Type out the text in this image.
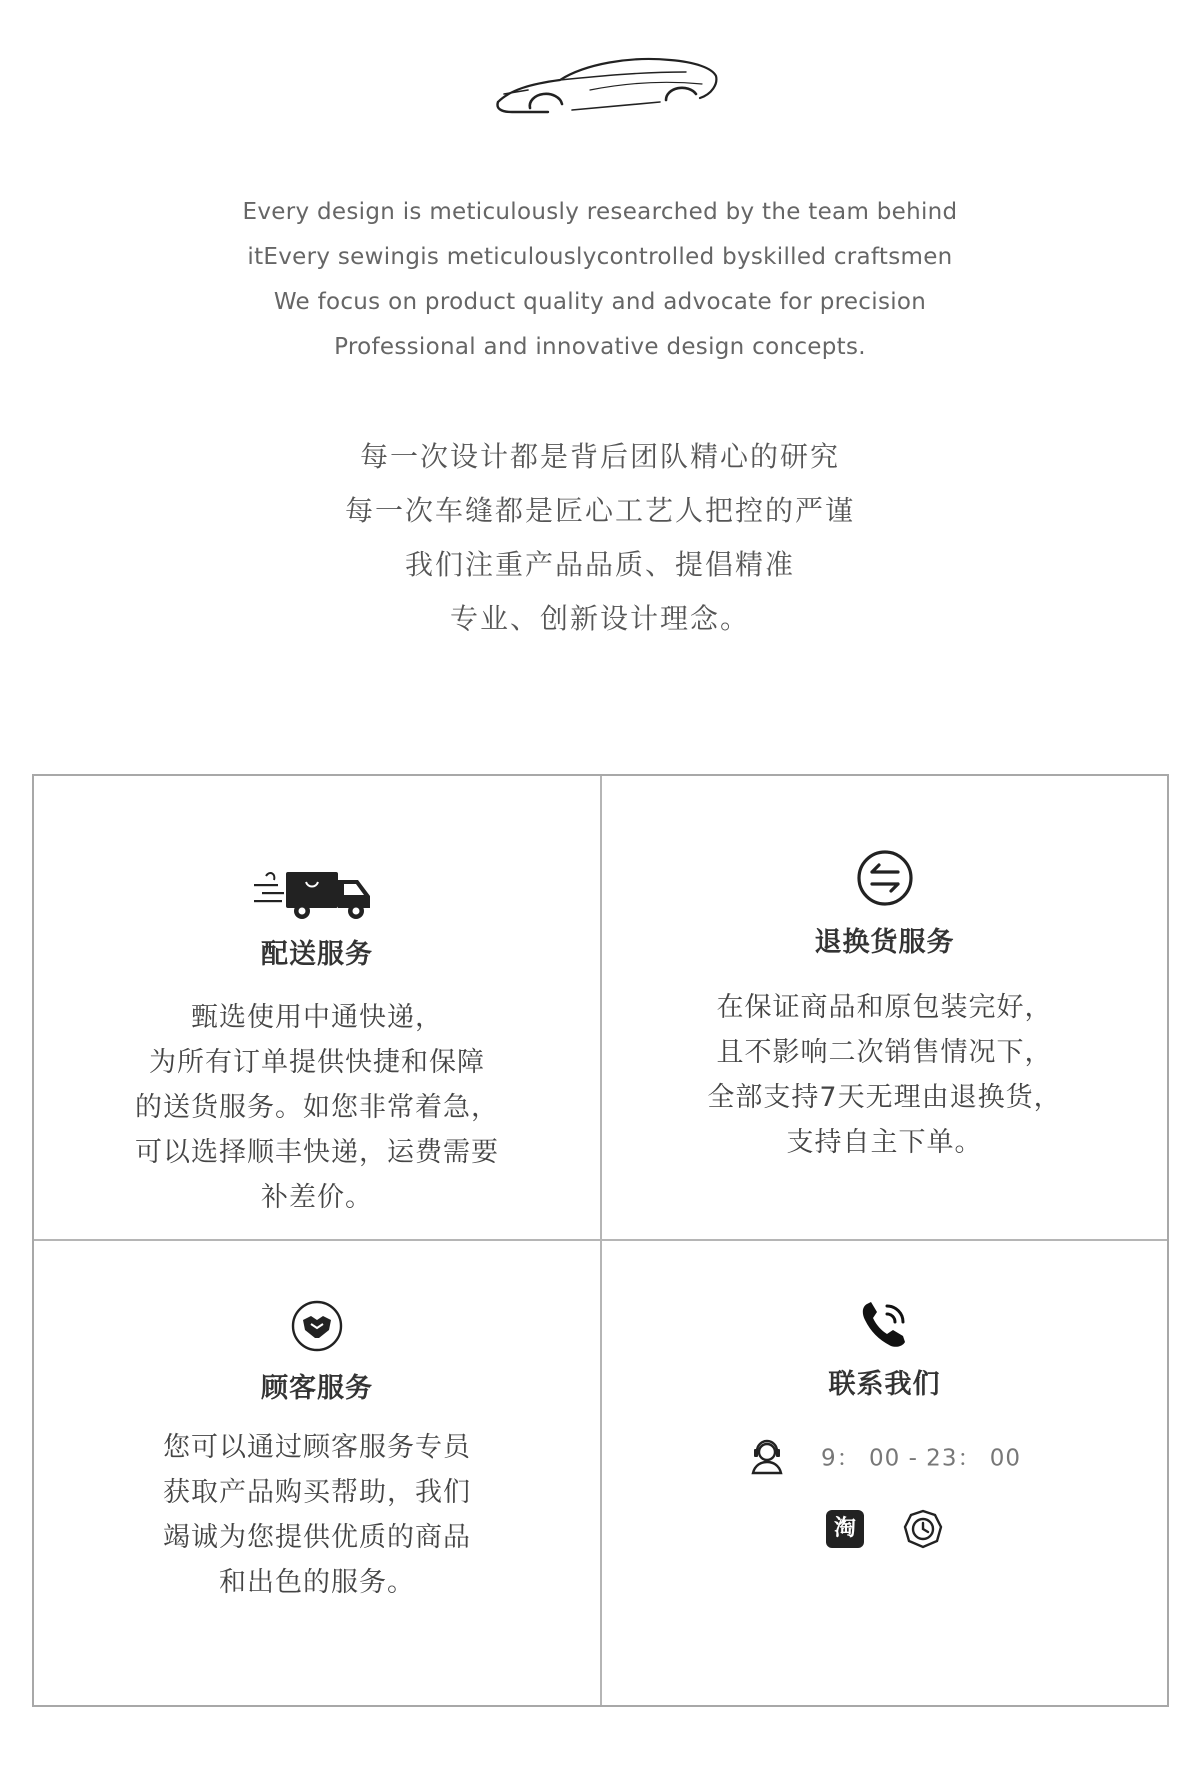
Every design is meticulously researched by the team behind
itEvery sewingis meticulouslycontrolled byskilled craftsmen
We focus on product quality and advocate for precision
Professional and innovative design concepts.
每一次设计都是背后团队精心的研究
每一次车缝都是匠心工艺人把控的严谨
我们注重产品品质、提倡精准
专业、创新设计理念。
配送服务
甄选使用中通快递，
为所有订单提供快捷和保障
的送货服务。如您非常着急，
可以选择顺丰快递，运费需要
补差价。
退换货服务
在保证商品和原包装完好，
且不影响二次销售情况下，
全部支持7天无理由退换货，
支持自主下单。
顾客服务
您可以通过顾客服务专员
获取产品购买帮助，我们
竭诚为您提供优质的商品
和出色的服务。
联系我们
9： 00 - 23： 00
淘
